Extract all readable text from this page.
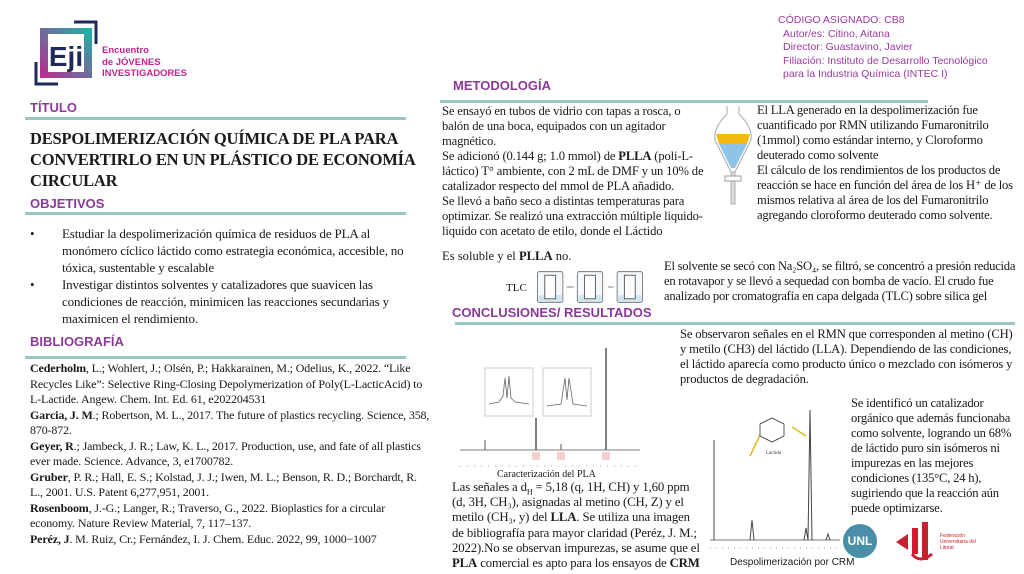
Eji Encuentro
de JÓVENES
INVESTIGADORES
CÓDIGO ASIGNADO: CB8
Autor/es: Citino, Aitana
Director: Guastavino, Javier
Filiación: Instituto de Desarrollo Tecnológico
para la Industria Química (INTEC I)
TÍTULO
DESPOLIMERIZACIÓN QUÍMICA DE PLA PARA CONVERTIRLO EN UN PLÁSTICO DE ECONOMÍA CIRCULAR
OBJETIVOS
• Estudiar la despolimerización química de residuos de PLA al monómero cíclico láctido como estrategia económica, accesible, no tóxica, sustentable y escalable
• Investigar distintos solventes y catalizadores que suavicen las condiciones de reacción, minimicen las reacciones secundarias y maximicen el rendimiento.
BIBLIOGRAFÍA
Cederholm, L.; Wohlert, J.; Olsén, P.; Hakkarainen, M.; Odelius, K., 2022. “Like Recycles Like”: Selective Ring-Closing Depolymerization of Poly(L-LacticAcid) to L-Lactide. Angew. Chem. Int. Ed. 61, e202204531
Garcia, J. M.; Robertson, M. L., 2017. The future of plastics recycling. Science, 358, 870-872.
Geyer, R.; Jambeck, J. R.; Law, K. L., 2017. Production, use, and fate of all plastics ever made. Science. Advance, 3, e1700782.
Gruber, P. R.; Hall, E. S.; Kolstad, J. J.; Iwen, M. L.; Benson, R. D.; Borchardt, R. L., 2001. U.S. Patent 6,277,951, 2001.
Rosenboom, J.-G.; Langer, R.; Traverso, G., 2022. Bioplastics for a circular economy. Nature Review Material, 7, 117–137.
Peréz, J. M. Ruiz, Cr.; Fernández, I. J. Chem. Educ. 2022, 99, 1000−1007
METODOLOGÍA
Se ensayó en tubos de vidrio con tapas a rosca, o balón de una boca, equipados con un agitador magnético.
Se adicionó (0.144 g; 1.0 mmol) de PLLA (poli-L-láctico) T° ambiente, con 2 mL de DMF y un 10% de catalizador respecto del mmol de PLA añadido.
Se llevó a baño seco a distintas temperaturas para optimizar. Se realizó una extracción múltiple liquido-liquido con acetato de etilo, donde el Láctido
Es soluble y el PLLA no.
El LLA generado en la despolimerización fue cuantificado por RMN utilizando Fumaronitrilo (1mmol) como estándar interno, y Cloroformo deuterado como solvente
El cálculo de los rendimientos de los productos de reacción se hace en función del área de los H⁺ de los mismos relativa al área de los del Fumaronitrilo agregando cloroformo deuterado como solvente.
TLC
El solvente se secó con Na₂SO₄, se filtró, se concentró a presión reducida en rotavapor y se llevó a sequedad con bomba de vacío. El crudo fue analizado por cromatografía en capa delgada (TLC) sobre silica gel
CONCLUSIONES/ RESULTADOS
Caracterización del PLA
Las señales a $d_H = 5,18$ (q, 1H, CH) y 1,60 ppm (d, 3H, CH₃), asignadas al metino (CH, Z) y el metilo (CH₃, y) del LLA. Se utiliza una imagen de bibliografía para mayor claridad (Peréz, J. M.; 2022).No se observan impurezas, se asume que el PLA comercial es apto para los ensayos de CRM
Se observaron señales en el RMN que corresponden al metino (CH) y metilo (CH3) del láctido (LLA). Dependiendo de las condiciones, el láctido aparecía como producto único o mezclado con isómeros y productos de degradación.
Se identificó un catalizador orgánico que además funcionaba como solvente, logrando un 68% de láctido puro sin isómeros ni impurezas en las mejores condiciones (135°C, 24 h), sugiriendo que la reacción aún puede optimizarse.
Lactido
Despolimerización por CRM
UNL	Federación Universitaria del Litoral
